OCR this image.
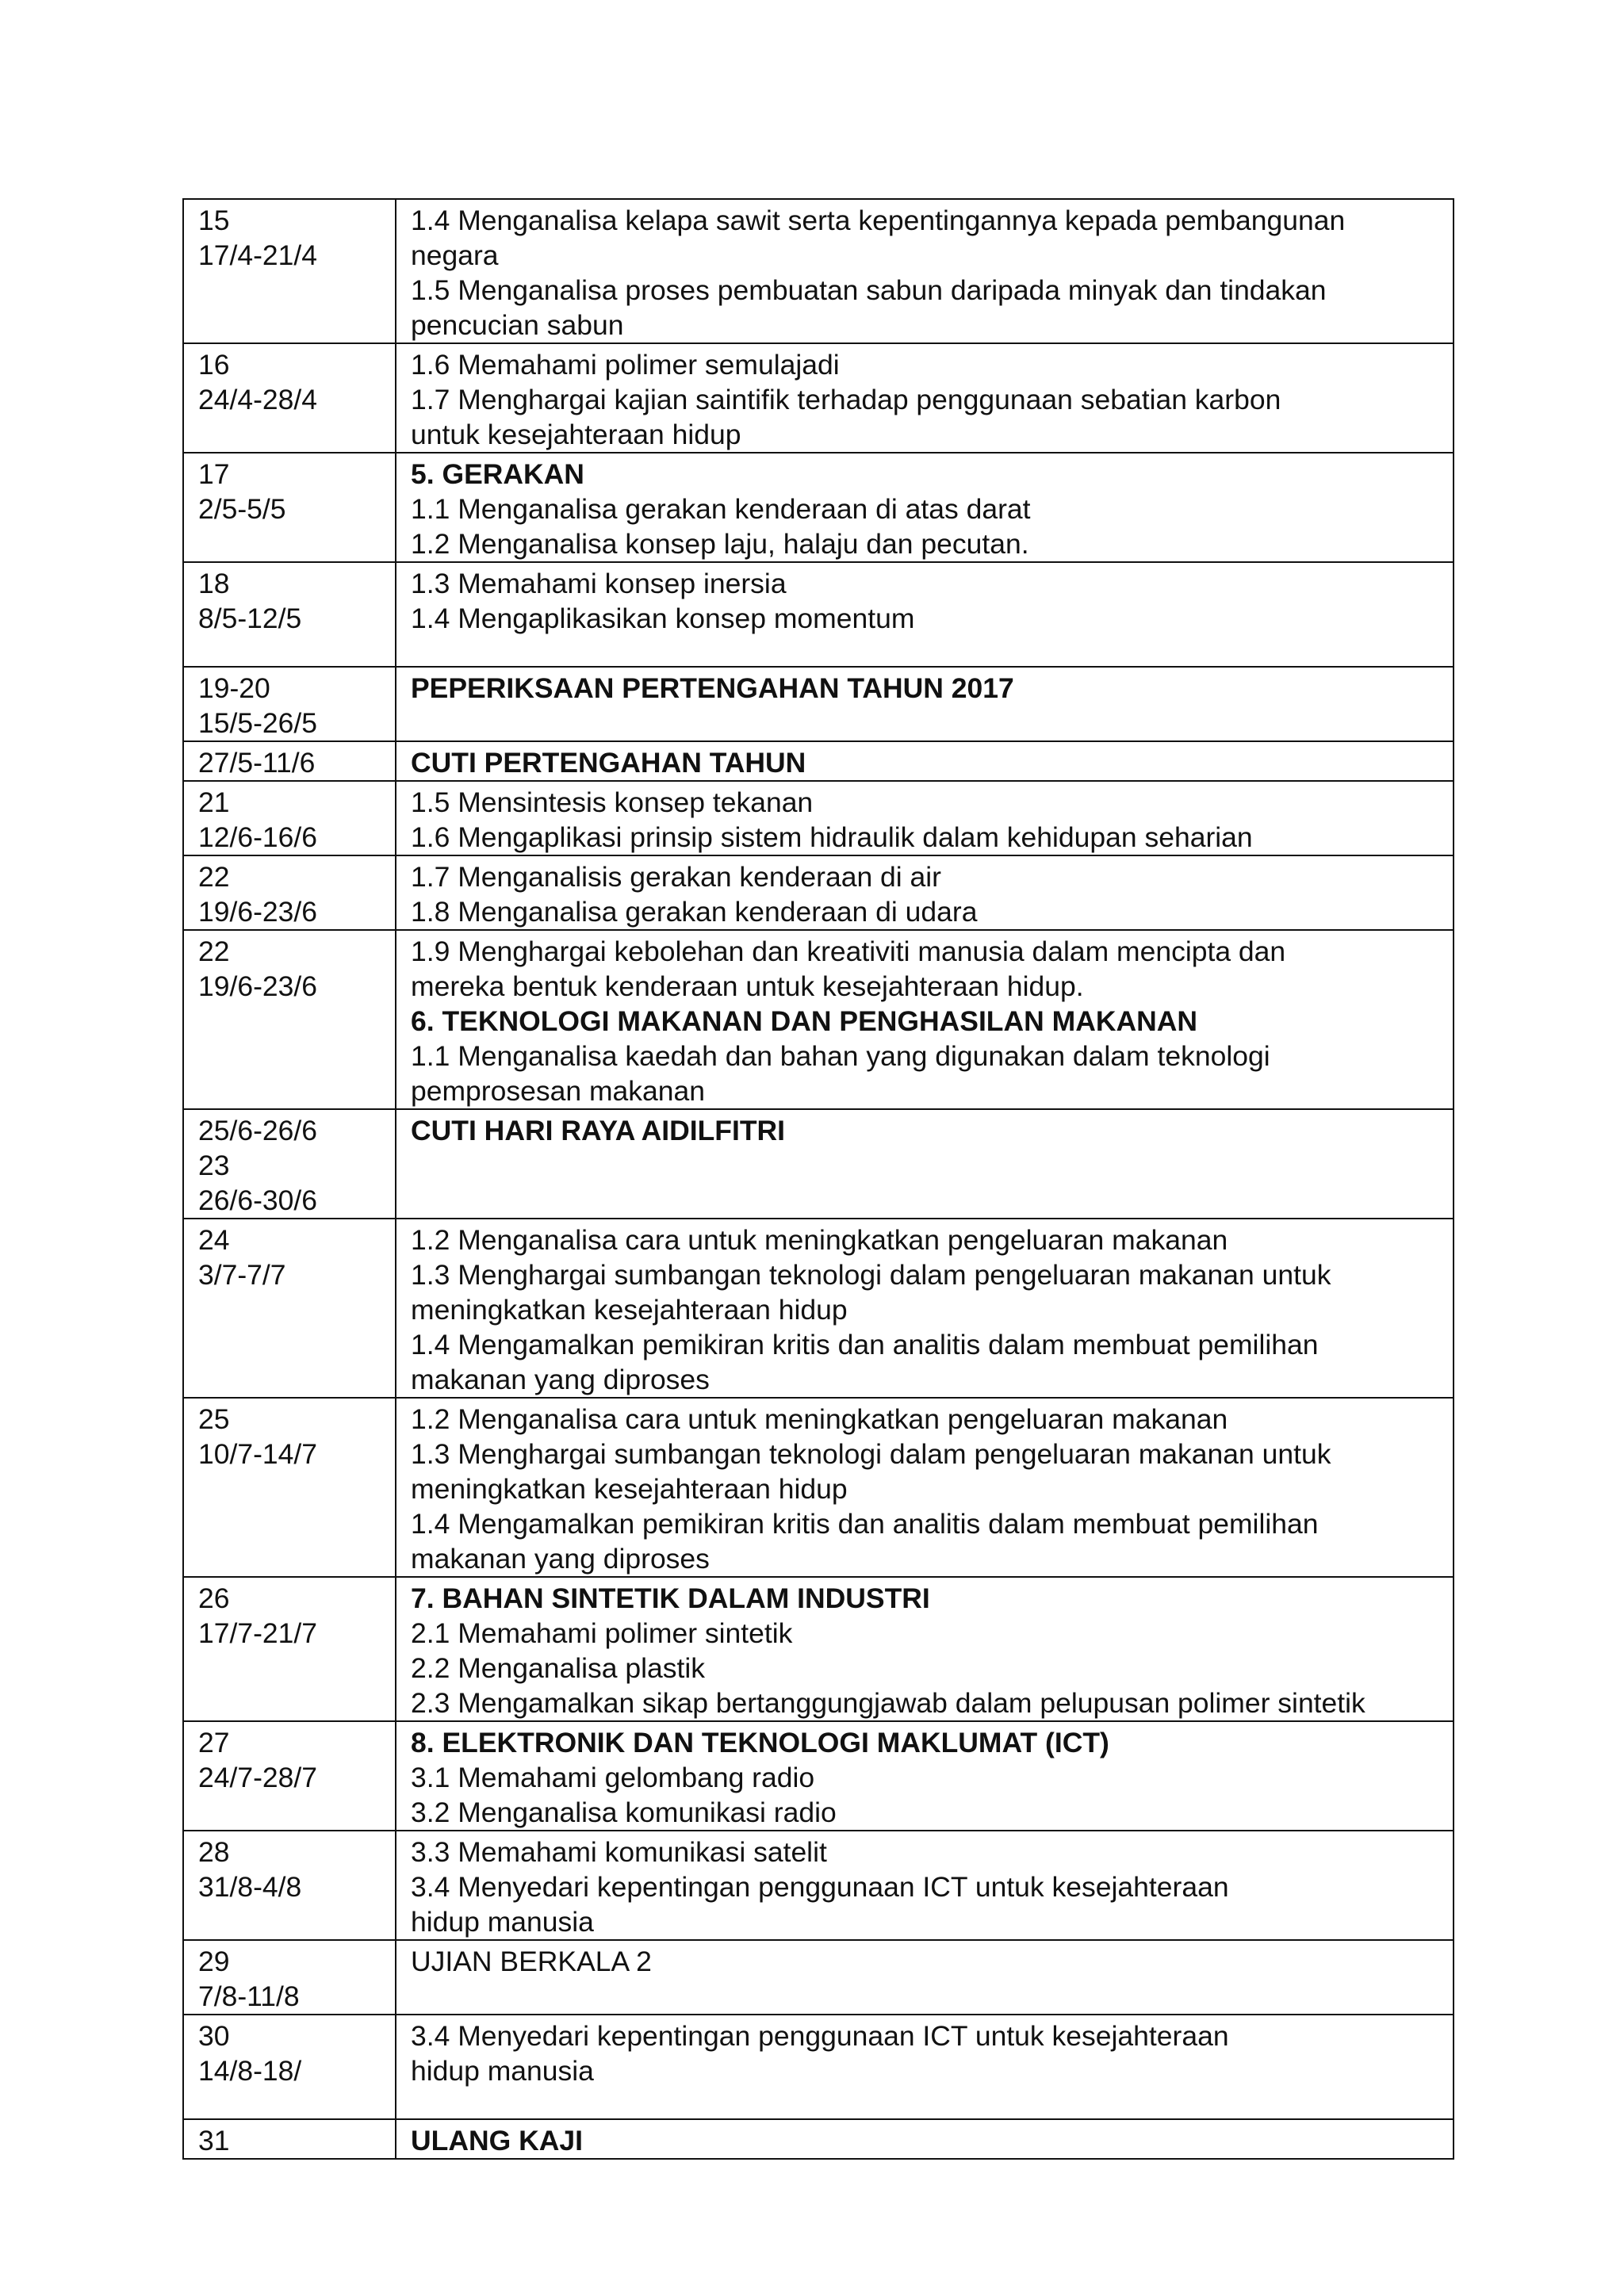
15
17/4-21/4	1.4 Menganalisa kelapa sawit serta kepentingannya kepada pembangunan
negara
1.5 Menganalisa proses pembuatan sabun daripada minyak dan tindakan
pencucian sabun

16
24/4-28/4	1.6 Memahami polimer semulajadi
1.7 Menghargai kajian saintifik terhadap penggunaan sebatian karbon
untuk kesejahteraan hidup

17
2/5-5/5	5. GERAKAN
1.1 Menganalisa gerakan kenderaan di atas darat
1.2 Menganalisa konsep laju, halaju dan pecutan.

18
8/5-12/5	1.3 Memahami konsep inersia
1.4 Mengaplikasikan konsep momentum

19-20
15/5-26/5	PEPERIKSAAN PERTENGAHAN TAHUN 2017

27/5-11/6	CUTI PERTENGAHAN TAHUN

21
12/6-16/6	1.5 Mensintesis konsep tekanan
1.6 Mengaplikasi prinsip sistem hidraulik dalam kehidupan seharian

22
19/6-23/6	1.7 Menganalisis gerakan kenderaan di air
1.8 Menganalisa gerakan kenderaan di udara

22
19/6-23/6	1.9 Menghargai kebolehan dan kreativiti manusia dalam mencipta dan
mereka bentuk kenderaan untuk kesejahteraan hidup.
6. TEKNOLOGI MAKANAN DAN PENGHASILAN MAKANAN
1.1 Menganalisa kaedah dan bahan yang digunakan dalam teknologi
pemprosesan makanan

25/6-26/6
23
26/6-30/6	CUTI HARI RAYA AIDILFITRI

24
3/7-7/7	1.2 Menganalisa cara untuk meningkatkan pengeluaran makanan
1.3 Menghargai sumbangan teknologi dalam pengeluaran makanan untuk
meningkatkan kesejahteraan hidup
1.4 Mengamalkan pemikiran kritis dan analitis dalam membuat pemilihan
makanan yang diproses

25
10/7-14/7	1.2 Menganalisa cara untuk meningkatkan pengeluaran makanan
1.3 Menghargai sumbangan teknologi dalam pengeluaran makanan untuk
meningkatkan kesejahteraan hidup
1.4 Mengamalkan pemikiran kritis dan analitis dalam membuat pemilihan
makanan yang diproses

26
17/7-21/7	7. BAHAN SINTETIK DALAM INDUSTRI
2.1 Memahami polimer sintetik
2.2 Menganalisa plastik
2.3 Mengamalkan sikap bertanggungjawab dalam pelupusan polimer sintetik

27
24/7-28/7	8. ELEKTRONIK DAN TEKNOLOGI MAKLUMAT (ICT)
3.1 Memahami gelombang radio
3.2 Menganalisa komunikasi radio

28
31/8-4/8	3.3 Memahami komunikasi satelit
3.4 Menyedari kepentingan penggunaan ICT untuk kesejahteraan
hidup manusia

29
7/8-11/8	UJIAN BERKALA 2

30
14/8-18/	3.4 Menyedari kepentingan penggunaan ICT untuk kesejahteraan
hidup manusia

31	ULANG KAJI
